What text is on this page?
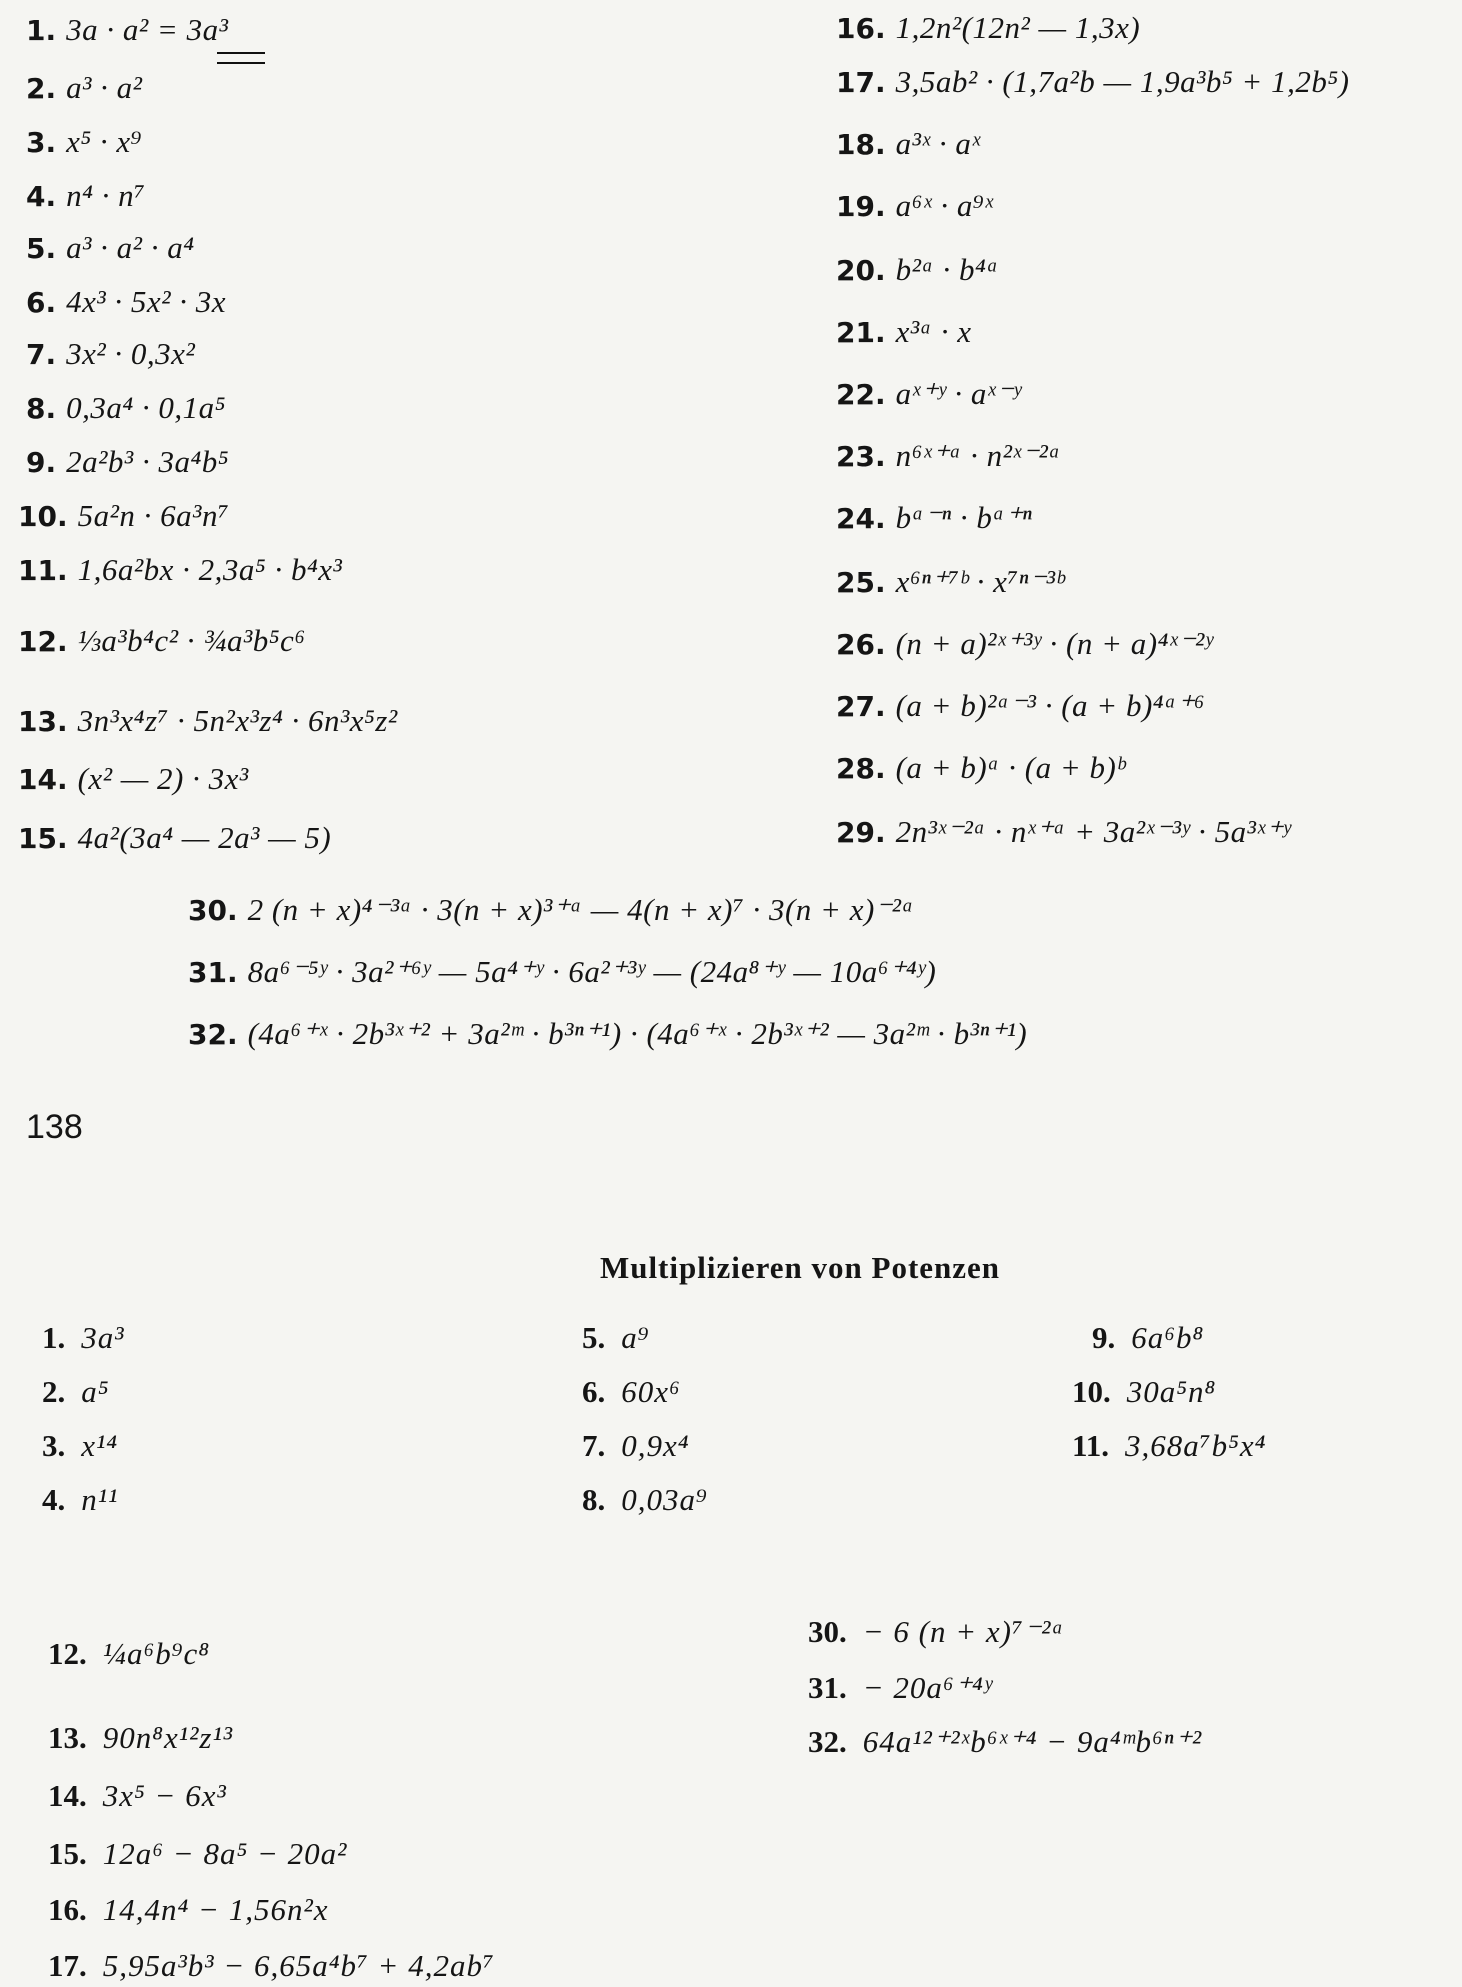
1. 3a · a² = 3a³
2. a³ · a²
3. x⁵ · x⁹
4. n⁴ · n⁷
5. a³ · a² · a⁴
6. 4x³ · 5x² · 3x
7. 3x² · 0,3x²
8. 0,3a⁴ · 0,1a⁵
9. 2a²b³ · 3a⁴b⁵
10. 5a²n · 6a³n⁷
11. 1,6a²bx · 2,3a⁵ · b⁴x³
12. ⅓a³b⁴c² · ¾a³b⁵c⁶
13. 3n³x⁴z⁷ · 5n²x³z⁴ · 6n³x⁵z²
14. (x² — 2) · 3x³
15. 4a²(3a⁴ — 2a³ — 5)
16. 1,2n²(12n² — 1,3x)
17. 3,5ab² · (1,7a²b — 1,9a³b⁵ + 1,2b⁵)
18. a³ˣ · aˣ
19. a⁶ˣ · a⁹ˣ
20. b²ᵃ · b⁴ᵃ
21. x³ᵃ · x
22. aˣ⁺ʸ · aˣ⁻ʸ
23. n⁶ˣ⁺ᵃ · n²ˣ⁻²ᵃ
24. bᵃ⁻ⁿ · bᵃ⁺ⁿ
25. x⁶ⁿ⁺⁷ᵇ · x⁷ⁿ⁻³ᵇ
26. (n + a)²ˣ⁺³ʸ · (n + a)⁴ˣ⁻²ʸ
27. (a + b)²ᵃ⁻³ · (a + b)⁴ᵃ⁺⁶
28. (a + b)ᵃ · (a + b)ᵇ
29. 2n³ˣ⁻²ᵃ · nˣ⁺ᵃ + 3a²ˣ⁻³ʸ · 5a³ˣ⁺ʸ
30. 2 (n + x)⁴⁻³ᵃ · 3(n + x)³⁺ᵃ — 4(n + x)⁷ · 3(n + x)⁻²ᵃ
31. 8a⁶⁻⁵ʸ · 3a²⁺⁶ʸ — 5a⁴⁺ʸ · 6a²⁺³ʸ — (24a⁸⁺ʸ — 10a⁶⁺⁴ʸ)
32. (4a⁶⁺ˣ · 2b³ˣ⁺² + 3a²ᵐ · b³ⁿ⁺¹) · (4a⁶⁺ˣ · 2b³ˣ⁺² — 3a²ᵐ · b³ⁿ⁺¹)
138
Multiplizieren von Potenzen
1. 3a³
2. a⁵
3. x¹⁴
4. n¹¹
5. a⁹
6. 60x⁶
7. 0,9x⁴
8. 0,03a⁹
9. 6a⁶b⁸
10. 30a⁵n⁸
11. 3,68a⁷b⁵x⁴
12. ¼a⁶b⁹c⁸
13. 90n⁸x¹²z¹³
14. 3x⁵ − 6x³
15. 12a⁶ − 8a⁵ − 20a²
16. 14,4n⁴ − 1,56n²x
17. 5,95a³b³ − 6,65a⁴b⁷ + 4,2ab⁷
30. − 6 (n + x)⁷⁻²ᵃ
31. − 20a⁶⁺⁴ʸ
32. 64a¹²⁺²ˣb⁶ˣ⁺⁴ − 9a⁴ᵐb⁶ⁿ⁺²
